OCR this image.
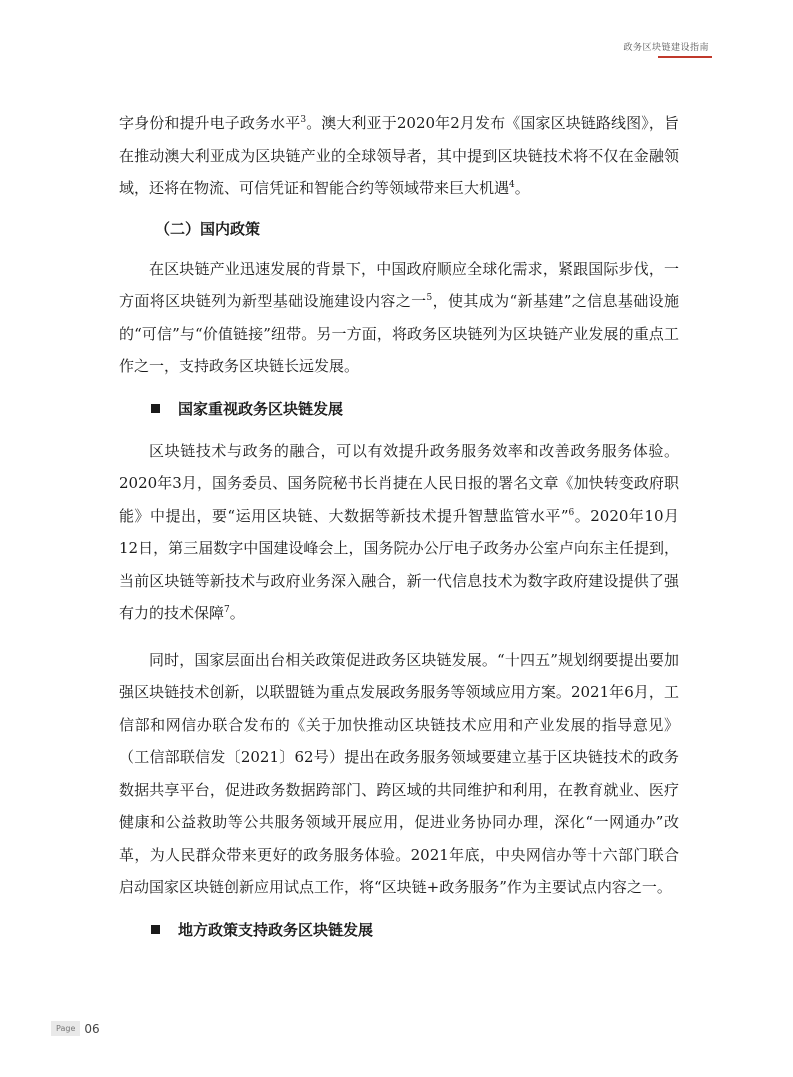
政务区块链建设指南

字身份和提升电子政务水平$^3$。澳大利亚于2020年2月发布《国家区块链路线图》，旨在推动澳大利亚成为区块链产业的全球领导者，其中提到区块链技术将不仅在金融领域，还将在物流、可信凭证和智能合约等领域带来巨大机遇$^4$。

（二）国内政策

在区块链产业迅速发展的背景下，中国政府顺应全球化需求，紧跟国际步伐，一方面将区块链列为新型基础设施建设内容之一$^5$，使其成为“新基建”之信息基础设施的“可信”与“价值链接”纽带。另一方面，将政务区块链列为区块链产业发展的重点工作之一，支持政务区块链长远发展。

国家重视政务区块链发展

区块链技术与政务的融合，可以有效提升政务服务效率和改善政务服务体验。2020年3月，国务委员、国务院秘书长肖捷在人民日报的署名文章《加快转变政府职能》中提出，要“运用区块链、大数据等新技术提升智慧监管水平”$^6$。2020年10月12日，第三届数字中国建设峰会上，国务院办公厅电子政务办公室卢向东主任提到，当前区块链等新技术与政府业务深入融合，新一代信息技术为数字政府建设提供了强有力的技术保障$^7$。

同时，国家层面出台相关政策促进政务区块链发展。“十四五”规划纲要提出要加强区块链技术创新，以联盟链为重点发展政务服务等领域应用方案。2021年6月，工信部和网信办联合发布的《关于加快推动区块链技术应用和产业发展的指导意见》（工信部联信发〔2021〕62号）提出在政务服务领域要建立基于区块链技术的政务数据共享平台，促进政务数据跨部门、跨区域的共同维护和利用，在教育就业、医疗健康和公益救助等公共服务领域开展应用，促进业务协同办理，深化“一网通办”改革，为人民群众带来更好的政务服务体验。2021年底，中央网信办等十六部门联合启动国家区块链创新应用试点工作，将“区块链+政务服务”作为主要试点内容之一。

地方政策支持政务区块链发展
Page 06
